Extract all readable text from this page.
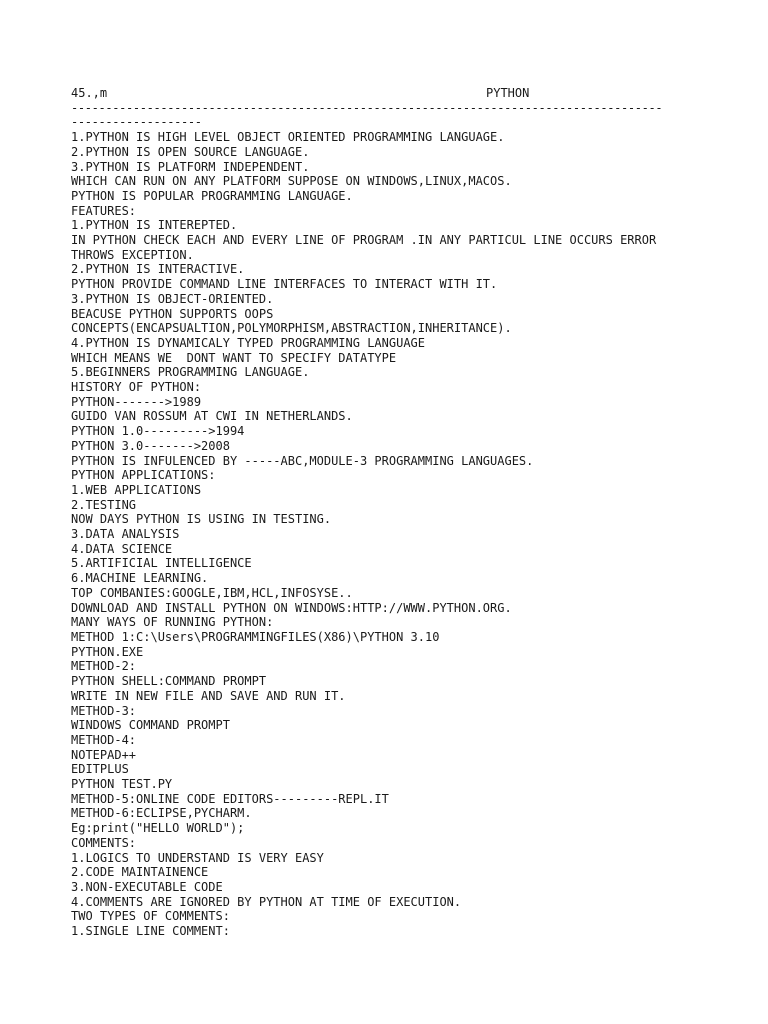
45.,m

	PYTHON

--------------------------------------------------------------------------------------
-------------------
1.PYTHON IS HIGH LEVEL OBJECT ORIENTED PROGRAMMING LANGUAGE.
2.PYTHON IS OPEN SOURCE LANGUAGE.
3.PYTHON IS PLATFORM INDEPENDENT.
WHICH CAN RUN ON ANY PLATFORM SUPPOSE ON WINDOWS,LINUX,MACOS.
PYTHON IS POPULAR PROGRAMMING LANGUAGE.
FEATURES:
1.PYTHON IS INTEREPTED.
IN PYTHON CHECK EACH AND EVERY LINE OF PROGRAM .IN ANY PARTICUL LINE OCCURS ERROR
THROWS EXCEPTION.
2.PYTHON IS INTERACTIVE.
PYTHON PROVIDE COMMAND LINE INTERFACES TO INTERACT WITH IT.
3.PYTHON IS OBJECT-ORIENTED.
BEACUSE PYTHON SUPPORTS OOPS
CONCEPTS(ENCAPSUALTION,POLYMORPHISM,ABSTRACTION,INHERITANCE).
4.PYTHON IS DYNAMICALY TYPED PROGRAMMING LANGUAGE
WHICH MEANS WE  DONT WANT TO SPECIFY DATATYPE
5.BEGINNERS PROGRAMMING LANGUAGE.
HISTORY OF PYTHON:
PYTHON------->1989
GUIDO VAN ROSSUM AT CWI IN NETHERLANDS.
PYTHON 1.0--------->1994
PYTHON 3.0------->2008
PYTHON IS INFULENCED BY -----ABC,MODULE-3 PROGRAMMING LANGUAGES.
PYTHON APPLICATIONS:
1.WEB APPLICATIONS
2.TESTING
NOW DAYS PYTHON IS USING IN TESTING.
3.DATA ANALYSIS
4.DATA SCIENCE
5.ARTIFICIAL INTELLIGENCE
6.MACHINE LEARNING.
TOP COMBANIES:GOOGLE,IBM,HCL,INFOSYSE..
DOWNLOAD AND INSTALL PYTHON ON WINDOWS:HTTP://WWW.PYTHON.ORG.
MANY WAYS OF RUNNING PYTHON:
METHOD 1:C:\Users\PROGRAMMINGFILES(X86)\PYTHON 3.10
PYTHON.EXE
METHOD-2:
PYTHON SHELL:COMMAND PROMPT
WRITE IN NEW FILE AND SAVE AND RUN IT.
METHOD-3:
WINDOWS COMMAND PROMPT
METHOD-4:
NOTEPAD++
EDITPLUS
PYTHON TEST.PY
METHOD-5:ONLINE CODE EDITORS---------REPL.IT
METHOD-6:ECLIPSE,PYCHARM.
Eg:print("HELLO WORLD");
COMMENTS:
1.LOGICS TO UNDERSTAND IS VERY EASY
2.CODE MAINTAINENCE
3.NON-EXECUTABLE CODE
4.COMMENTS ARE IGNORED BY PYTHON AT TIME OF EXECUTION.
TWO TYPES OF COMMENTS:
1.SINGLE LINE COMMENT:
